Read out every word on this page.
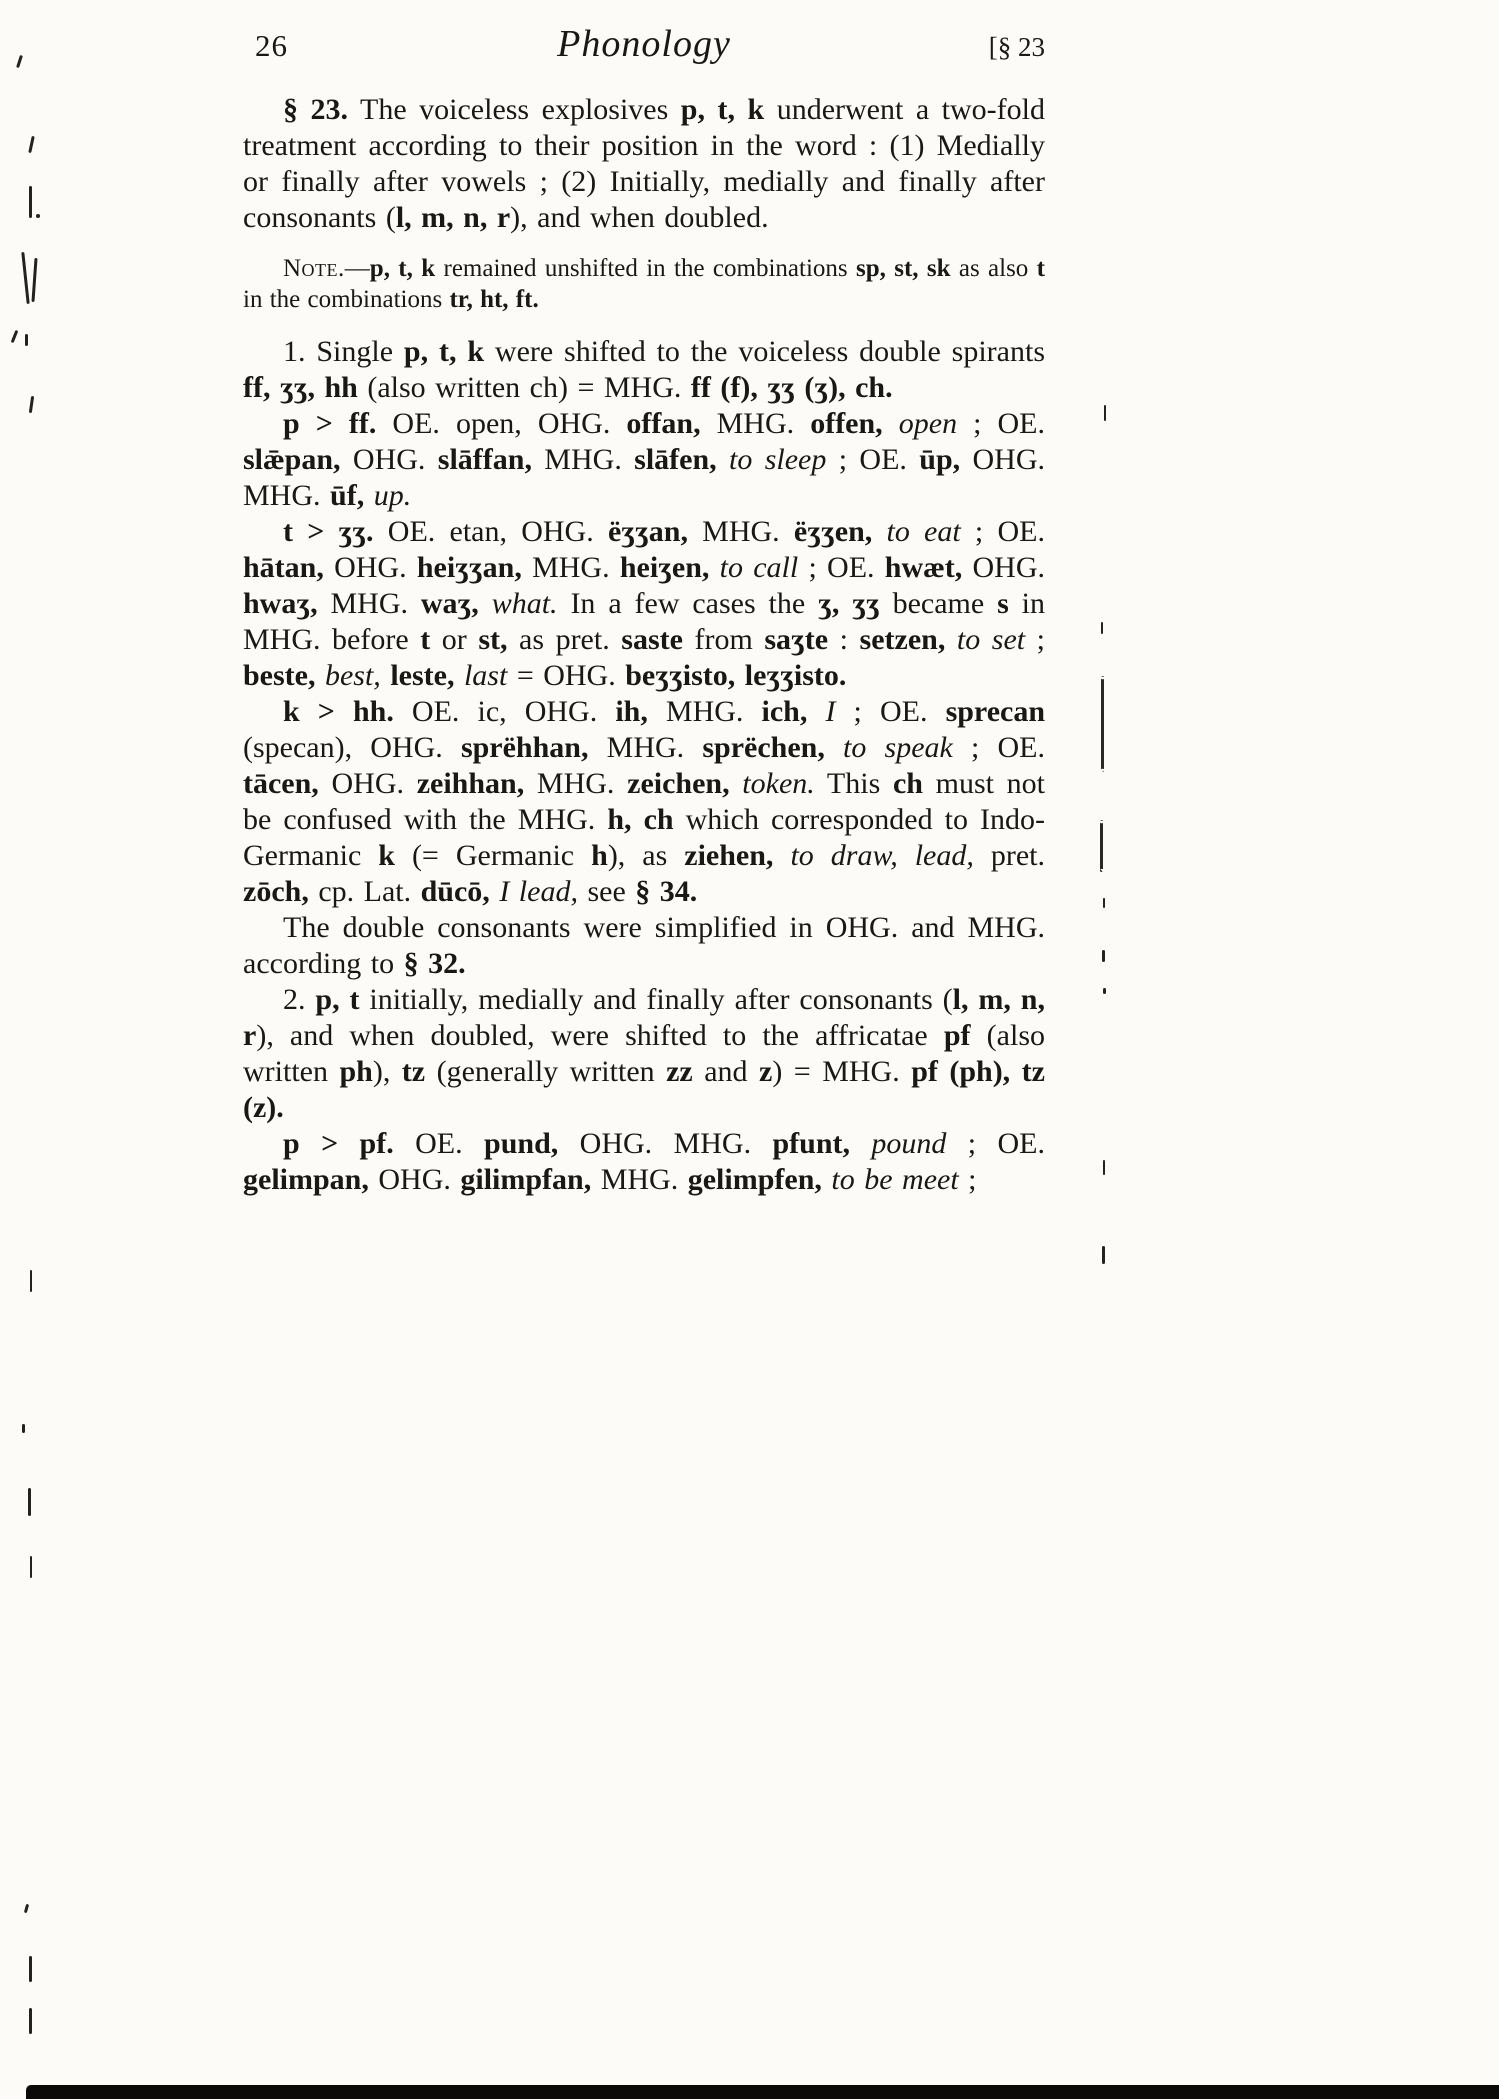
26	Phonology	[§ 23

§ 23. The voiceless explosives p, t, k underwent a two-fold treatment according to their position in the word : (1) Medially or finally after vowels ; (2) Initially, medially and finally after consonants (l, m, n, r), and when doubled.

Note.—p, t, k remained unshifted in the combinations sp, st, sk as also t in the combinations tr, ht, ft.

1. Single p, t, k were shifted to the voiceless double spirants ff, ʒʒ, hh (also written ch) = MHG. ff (f), ʒʒ (ʒ), ch.

p > ff. OE. open, OHG. offan, MHG. offen, open ; OE. slǣpan, OHG. slāffan, MHG. slāfen, to sleep ; OE. ūp, OHG. MHG. ūf, up.

t > ʒʒ. OE. etan, OHG. ëʒʒan, MHG. ëʒʒen, to eat ; OE. hātan, OHG. heiʒʒan, MHG. heiʒen, to call ; OE. hwæt, OHG. hwaʒ, MHG. waʒ, what. In a few cases the ʒ, ʒʒ became s in MHG. before t or st, as pret. saste from saʒte : setzen, to set ; beste, best, leste, last = OHG. beʒʒisto, leʒʒisto.

k > hh. OE. ic, OHG. ih, MHG. ich, I ; OE. sprecan (specan), OHG. sprëhhan, MHG. sprëchen, to speak ; OE. tācen, OHG. zeihhan, MHG. zeichen, token. This ch must not be confused with the MHG. h, ch which corresponded to Indo-Germanic k (= Germanic h), as ziehen, to draw, lead, pret. zōch, cp. Lat. dūcō, I lead, see § 34.

The double consonants were simplified in OHG. and MHG. according to § 32.

2. p, t initially, medially and finally after consonants (l, m, n, r), and when doubled, were shifted to the affricatae pf (also written ph), tz (generally written zz and z) = MHG. pf (ph), tz (z).

p > pf. OE. pund, OHG. MHG. pfunt, pound ; OE. gelimpan, OHG. gilimpfan, MHG. gelimpfen, to be meet ;
